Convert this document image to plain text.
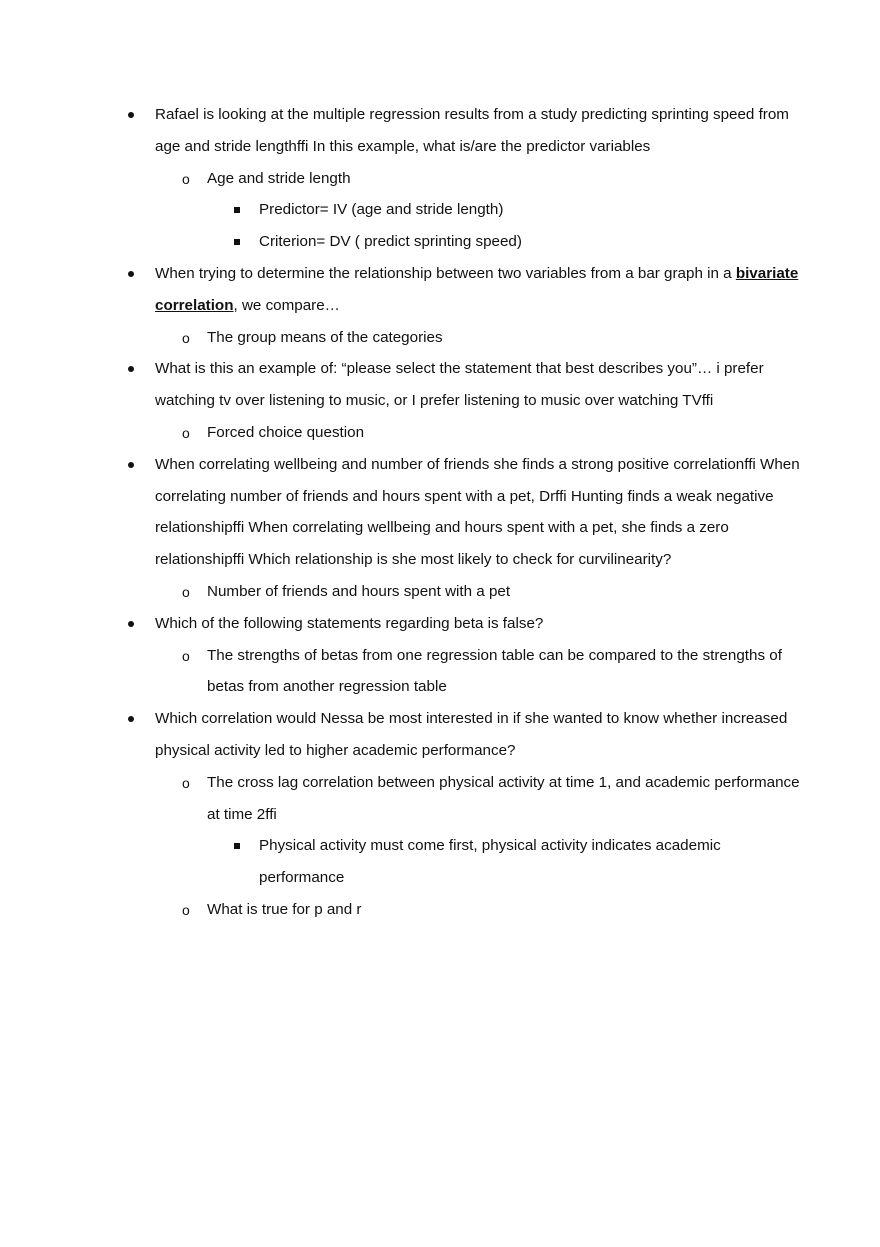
Rafael is looking at the multiple regression results from a study predicting sprinting speed from age and stride lengthffi In this example, what is/are the predictor variables
o Age and stride length
Predictor= IV (age and stride length)
Criterion= DV ( predict sprinting speed)
When trying to determine the relationship between two variables from a bar graph in a bivariate correlation, we compare…
o The group means of the categories
What is this an example of: “please select the statement that best describes you”… i prefer watching tv over listening to music, or I prefer listening to music over watching TVffi
o Forced choice question
When correlating wellbeing and number of friends she finds a strong positive correlationffi When correlating number of friends and hours spent with a pet, Drffi Hunting finds a weak negative relationshipffi When correlating wellbeing and hours spent with a pet, she finds a zero relationshipffi Which relationship is she most likely to check for curvilinearity?
o Number of friends and hours spent with a pet
Which of the following statements regarding beta is false?
o The strengths of betas from one regression table can be compared to the strengths of betas from another regression table
Which correlation would Nessa be most interested in if she wanted to know whether increased physical activity led to higher academic performance?
o The cross lag correlation between physical activity at time 1, and academic performance at time 2ffi
Physical activity must come first, physical activity indicates academic performance
o What is true for p and r
